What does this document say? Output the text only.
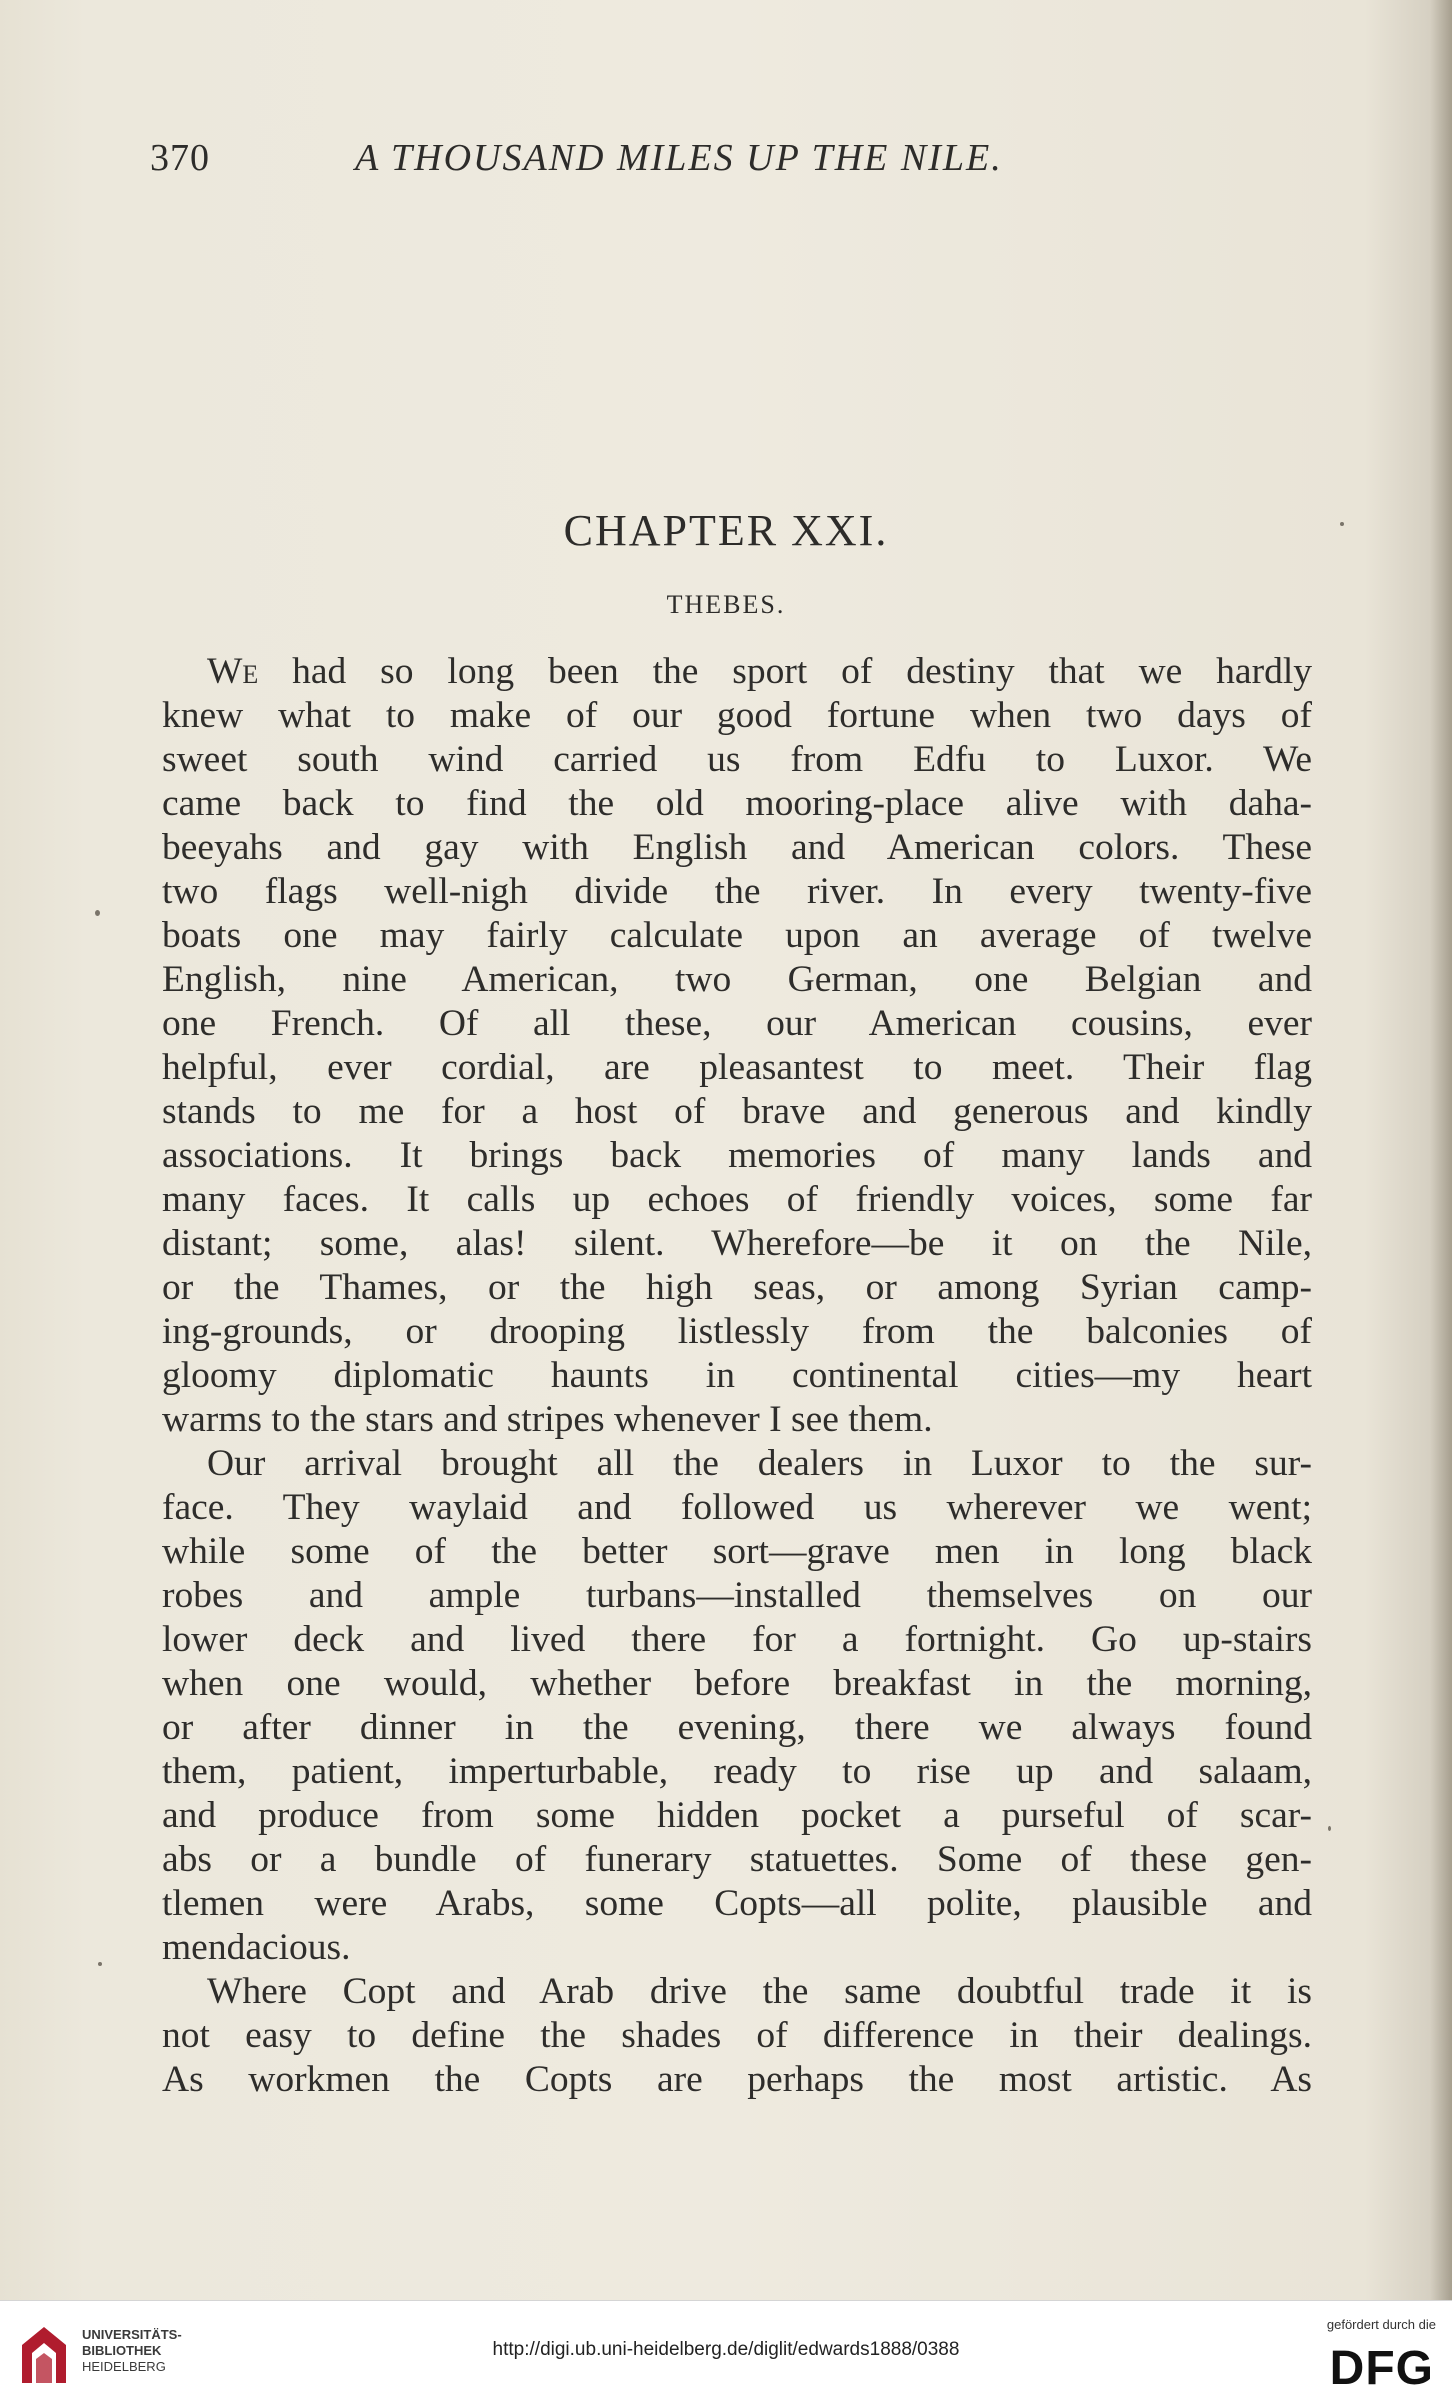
370	A THOUSAND MILES UP THE NILE.
CHAPTER XXI.
THEBES.
We had so long been the sport of destiny that we hardly
knew what to make of our good fortune when two days of
sweet south wind carried us from Edfu to Luxor. We
came back to find the old mooring-place alive with daha-
beeyahs and gay with English and American colors. These
two flags well-nigh divide the river. In every twenty-five
boats one may fairly calculate upon an average of twelve
English, nine American, two German, one Belgian and
one French. Of all these, our American cousins, ever
helpful, ever cordial, are pleasantest to meet. Their flag
stands to me for a host of brave and generous and kindly
associations. It brings back memories of many lands and
many faces. It calls up echoes of friendly voices, some far
distant; some, alas! silent. Wherefore—be it on the Nile,
or the Thames, or the high seas, or among Syrian camp-
ing-grounds, or drooping listlessly from the balconies of
gloomy diplomatic haunts in continental cities—my heart
warms to the stars and stripes whenever I see them.
Our arrival brought all the dealers in Luxor to the sur-
face. They waylaid and followed us wherever we went;
while some of the better sort—grave men in long black
robes and ample turbans—installed themselves on our
lower deck and lived there for a fortnight. Go up-stairs
when one would, whether before breakfast in the morning,
or after dinner in the evening, there we always found
them, patient, imperturbable, ready to rise up and salaam,
and produce from some hidden pocket a purseful of scar-
abs or a bundle of funerary statuettes. Some of these gen-
tlemen were Arabs, some Copts—all polite, plausible and
mendacious.
Where Copt and Arab drive the same doubtful trade it is
not easy to define the shades of difference in their dealings.
As workmen the Copts are perhaps the most artistic. As
UNIVERSITÄTS-
BIBLIOTHEK
HEIDELBERG
http://digi.ub.uni-heidelberg.de/diglit/edwards1888/0388
gefördert durch die
DFG
